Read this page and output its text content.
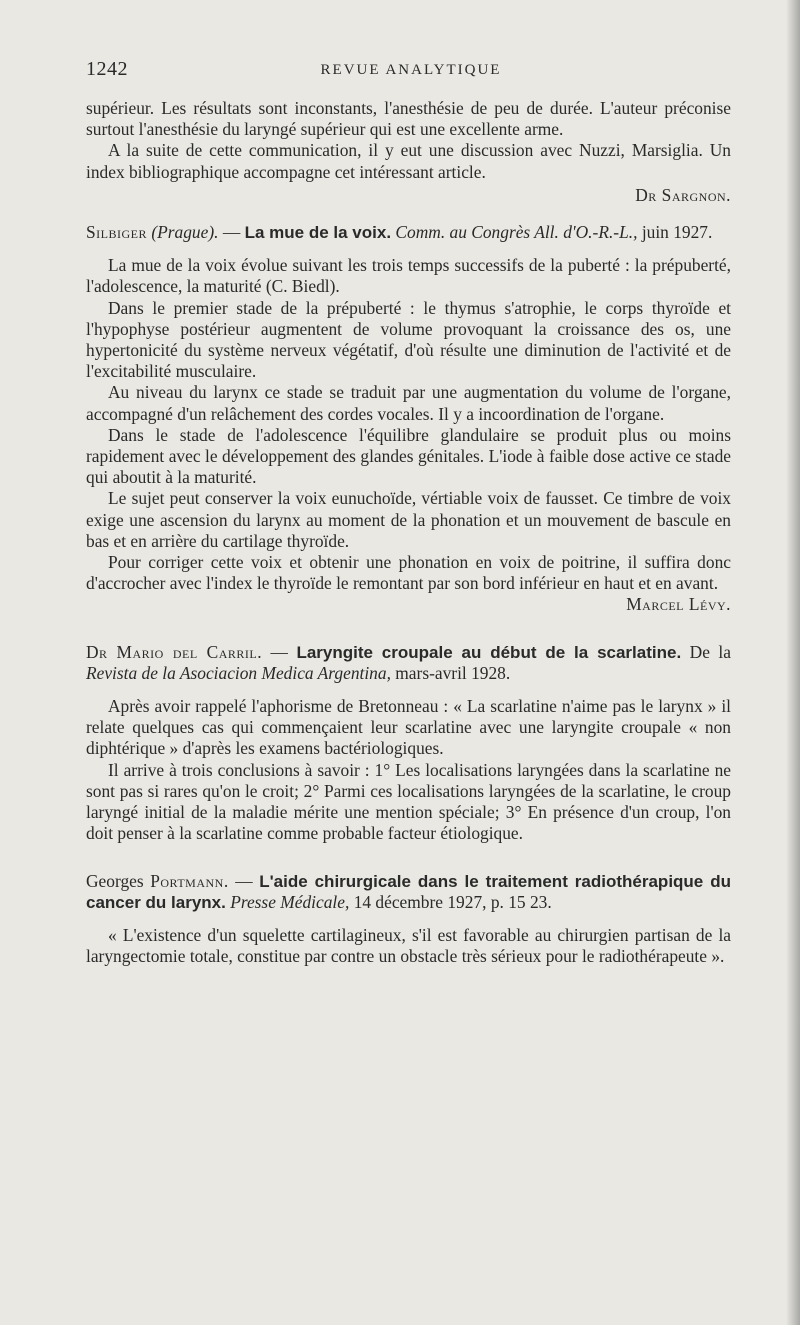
1242	REVUE ANALYTIQUE

supérieur. Les résultats sont inconstants, l'anesthésie de peu de durée. L'auteur préconise surtout l'anesthésie du laryngé supérieur qui est une excellente arme.

A la suite de cette communication, il y eut une discussion avec Nuzzi, Marsiglia. Un index bibliographique accompagne cet intéressant article.

Dr Sargnon.

Silbiger (Prague). — La mue de la voix. Comm. au Congrès All. d'O.-R.-L., juin 1927.

La mue de la voix évolue suivant les trois temps successifs de la puberté : la prépuberté, l'adolescence, la maturité (C. Biedl).

Dans le premier stade de la prépuberté : le thymus s'atrophie, le corps thyroïde et l'hypophyse postérieur augmentent de volume provoquant la croissance des os, une hypertonicité du système nerveux végétatif, d'où résulte une diminution de l'activité et de l'excitabilité musculaire.

Au niveau du larynx ce stade se traduit par une augmentation du volume de l'organe, accompagné d'un relâchement des cordes vocales. Il y a incoordination de l'organe.

Dans le stade de l'adolescence l'équilibre glandulaire se produit plus ou moins rapidement avec le développement des glandes génitales. L'iode à faible dose active ce stade qui aboutit à la maturité.

Le sujet peut conserver la voix eunuchoïde, vértiable voix de fausset. Ce timbre de voix exige une ascension du larynx au moment de la phonation et un mouvement de bascule en bas et en arrière du cartilage thyroïde.

Pour corriger cette voix et obtenir une phonation en voix de poitrine, il suffira donc d'accrocher avec l'index le thyroïde le remontant par son bord inférieur en haut et en avant.
Marcel Lévy.

Dr Mario del Carril. — Laryngite croupale au début de la scarlatine. De la Revista de la Asociacion Medica Argentina, mars-avril 1928.

Après avoir rappelé l'aphorisme de Bretonneau : « La scarlatine n'aime pas le larynx » il relate quelques cas qui commençaient leur scarlatine avec une laryngite croupale « non diphtérique » d'après les examens bactériologiques.

Il arrive à trois conclusions à savoir : 1° Les localisations laryngées dans la scarlatine ne sont pas si rares qu'on le croit; 2° Parmi ces localisations laryngées de la scarlatine, le croup laryngé initial de la maladie mérite une mention spéciale; 3° En présence d'un croup, l'on doit penser à la scarlatine comme probable facteur étiologique.

Georges Portmann. — L'aide chirurgicale dans le traitement radiothérapique du cancer du larynx. Presse Médicale, 14 décembre 1927, p. 15 23.

« L'existence d'un squelette cartilagineux, s'il est favorable au chirurgien partisan de la laryngectomie totale, constitue par contre un obstacle très sérieux pour le radiothérapeute ».
